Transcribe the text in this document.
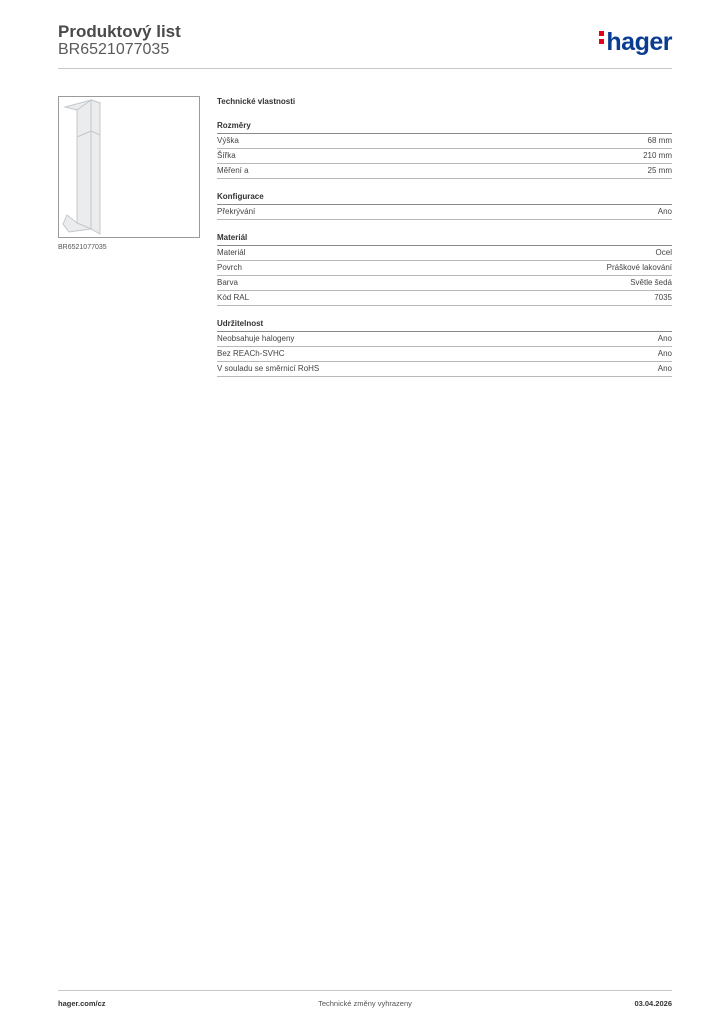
Produktový list
BR6521077035	hager
BR6521077035
Technické vlastnosti
Rozměry
Výška	68 mm
Šířka	210 mm
Měření a	25 mm
Konfigurace
Překrývání	Ano
Materiál
Materiál	Ocel
Povrch	Práškové lakování
Barva	Světle šedá
Kód RAL	7035
Udržitelnost
Neobsahuje halogeny	Ano
Bez REACh-SVHC	Ano
V souladu se směrnicí RoHS	Ano
hager.com/cz	Technické změny vyhrazeny	03.04.2026
